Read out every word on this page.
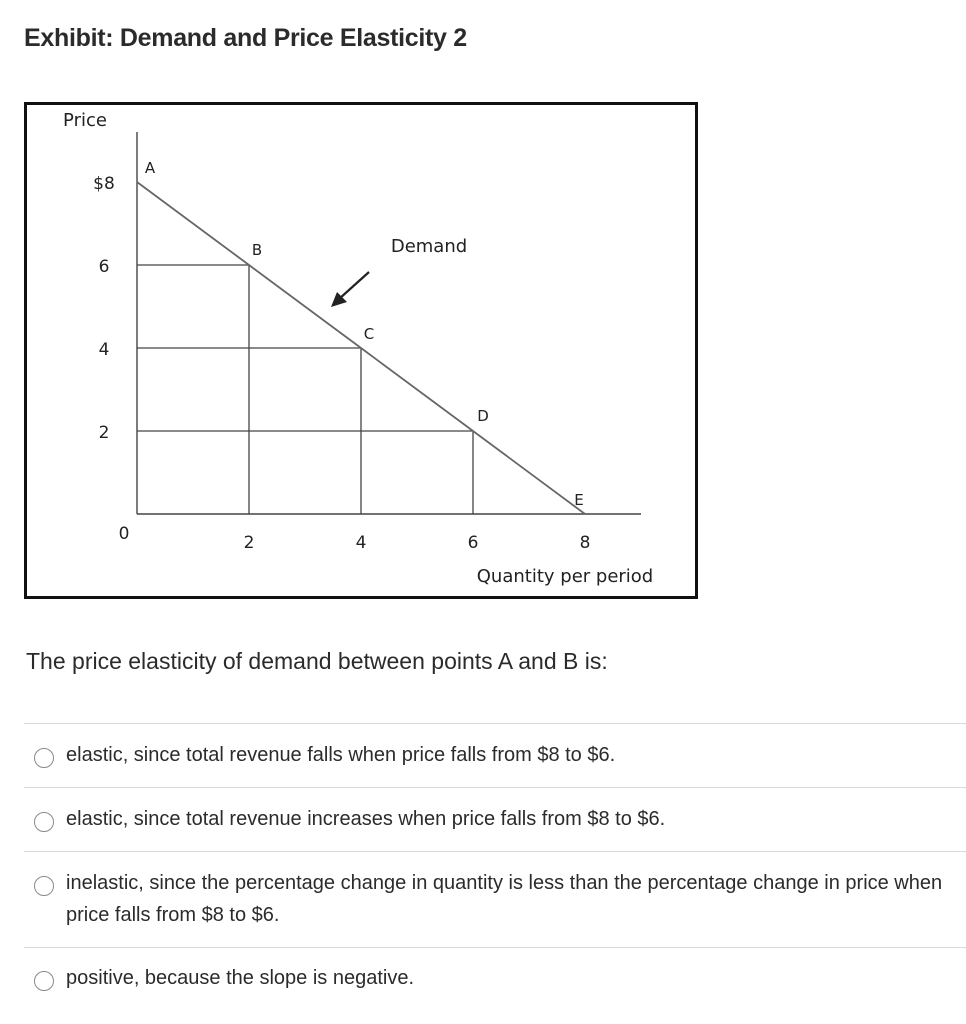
Exhibit: Demand and Price Elasticity 2
A
B
C
D
E
Demand
$8
6
4
2
0	2	4	6	8
Price
Quantity per period
The price elasticity of demand between points A and B is:
elastic, since total revenue falls when price falls from $8 to $6.
elastic, since total revenue increases when price falls from $8 to $6.
inelastic, since the percentage change in quantity is less than the percentage change in price when price falls from $8 to $6.
positive, because the slope is negative.
